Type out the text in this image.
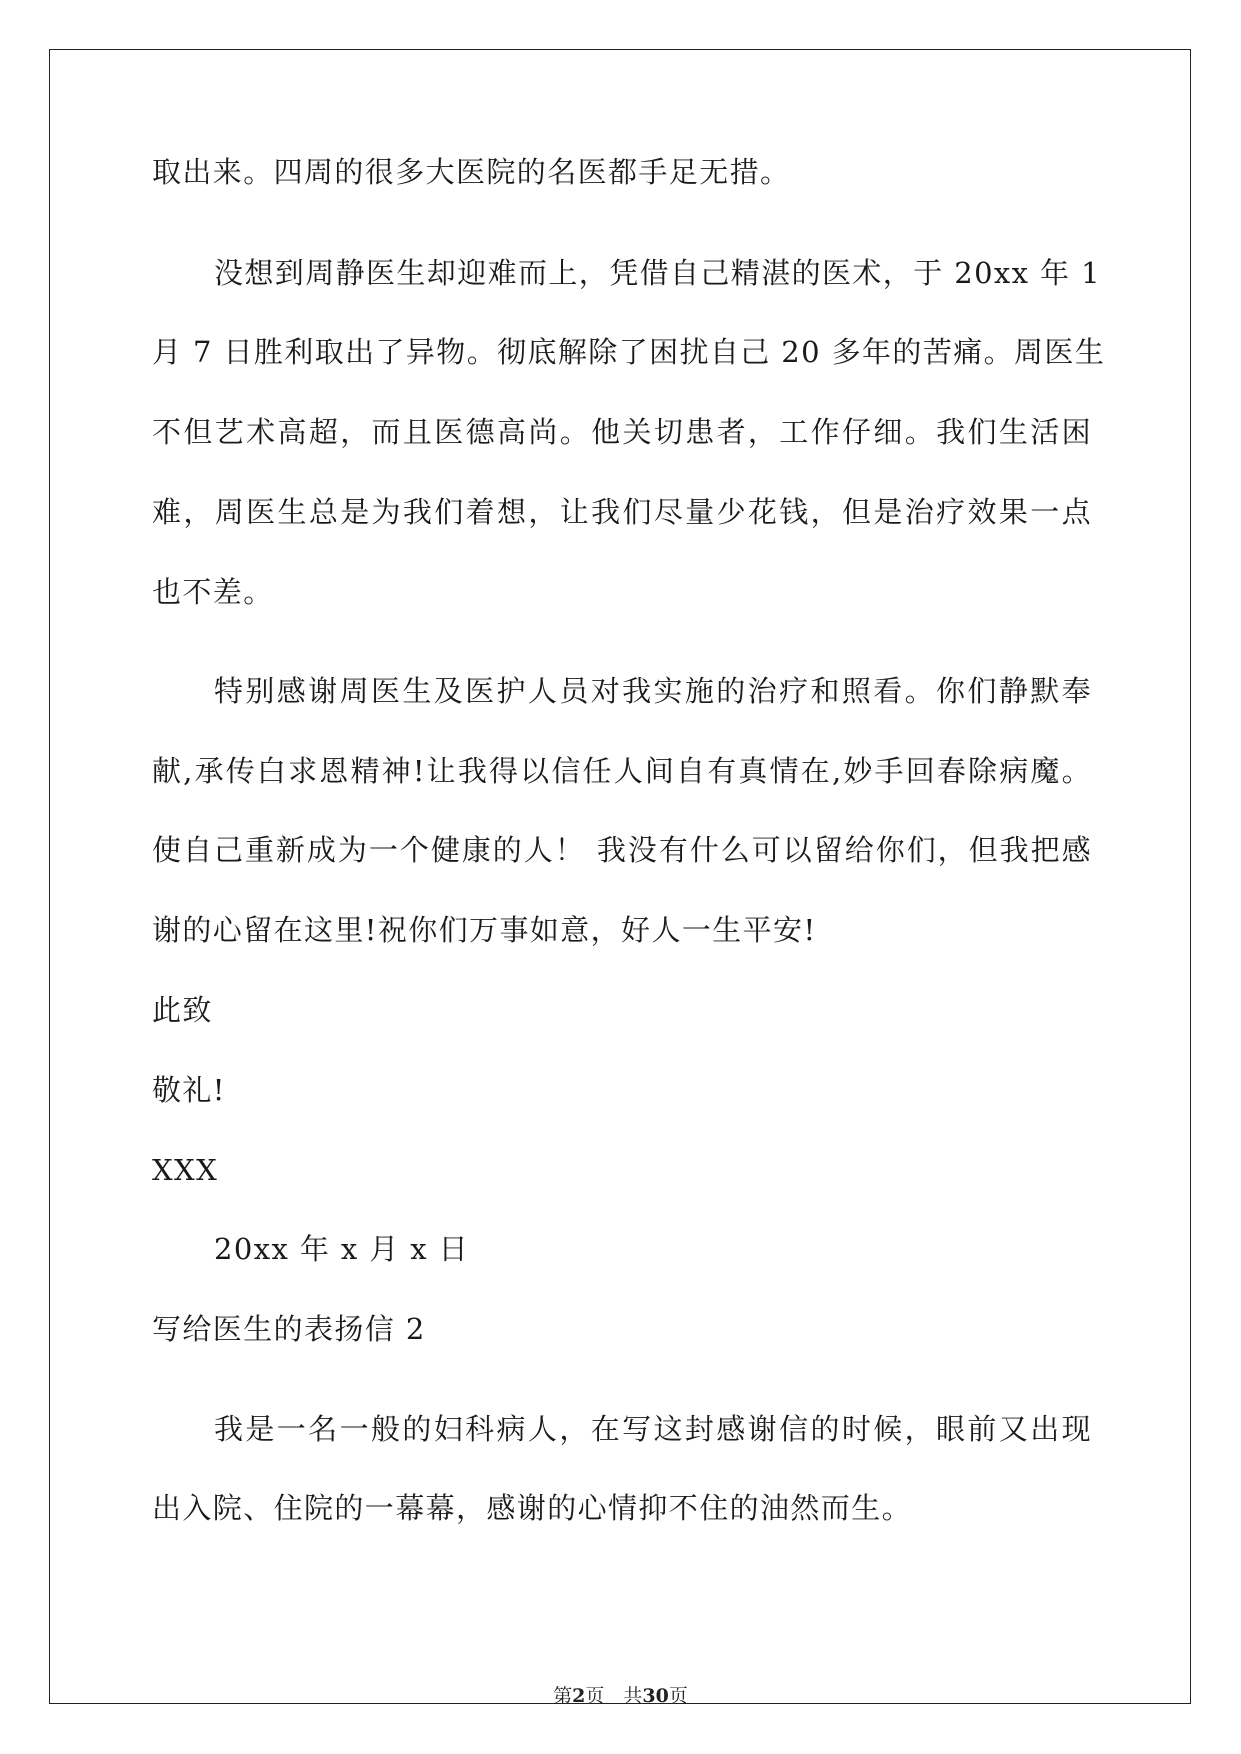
取出来。四周的很多大医院的名医都手足无措。
没想到周静医生却迎难而上，凭借自己精湛的医术，于 20xx 年 1
月 7 日胜利取出了异物。彻底解除了困扰自己 20 多年的苦痛。周医生
不但艺术高超，而且医德高尚。他关切患者，工作仔细。我们生活困
难，周医生总是为我们着想，让我们尽量少花钱，但是治疗效果一点
也不差。
特别感谢周医生及医护人员对我实施的治疗和照看。你们静默奉
献,承传白求恩精神!让我得以信任人间自有真情在,妙手回春除病魔。
使自己重新成为一个健康的人！ 我没有什么可以留给你们，但我把感
谢的心留在这里!祝你们万事如意，好人一生平安!
此致
敬礼!
XXX
20xx 年 x 月 x 日
写给医生的表扬信 2
我是一名一般的妇科病人，在写这封感谢信的时候，眼前又出现
出入院、住院的一幕幕，感谢的心情抑不住的油然而生。
第2页　共30页
